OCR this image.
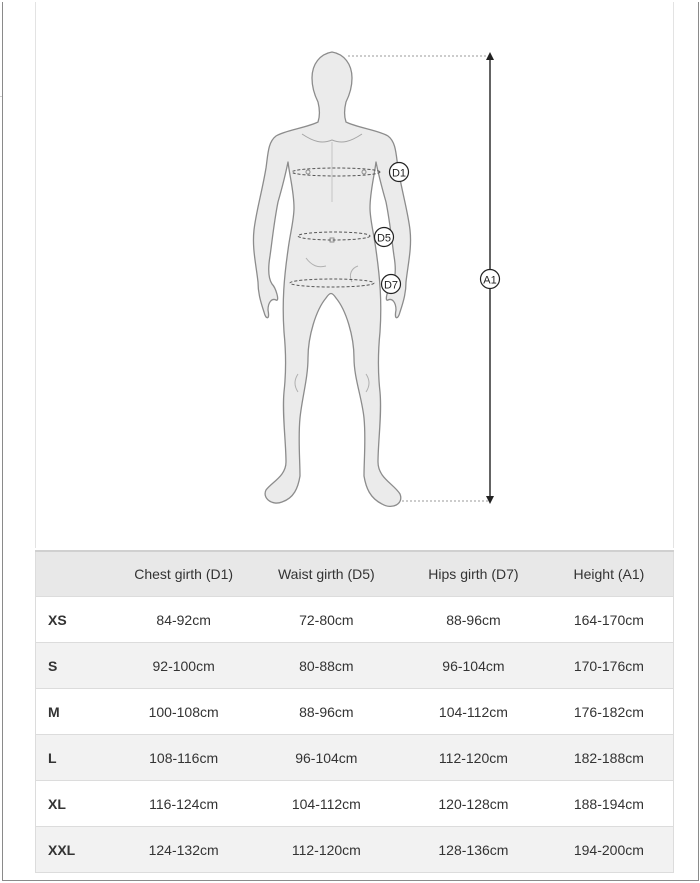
D1
D5
D7	A1
	Chest girth (D1)	Waist girth (D5)	Hips girth (D7)	Height (A1)
XS	84-92cm	72-80cm	88-96cm	164-170cm
S	92-100cm	80-88cm	96-104cm	170-176cm
M	100-108cm	88-96cm	104-112cm	176-182cm
L	108-116cm	96-104cm	112-120cm	182-188cm
XL	116-124cm	104-112cm	120-128cm	188-194cm
XXL	124-132cm	112-120cm	128-136cm	194-200cm
